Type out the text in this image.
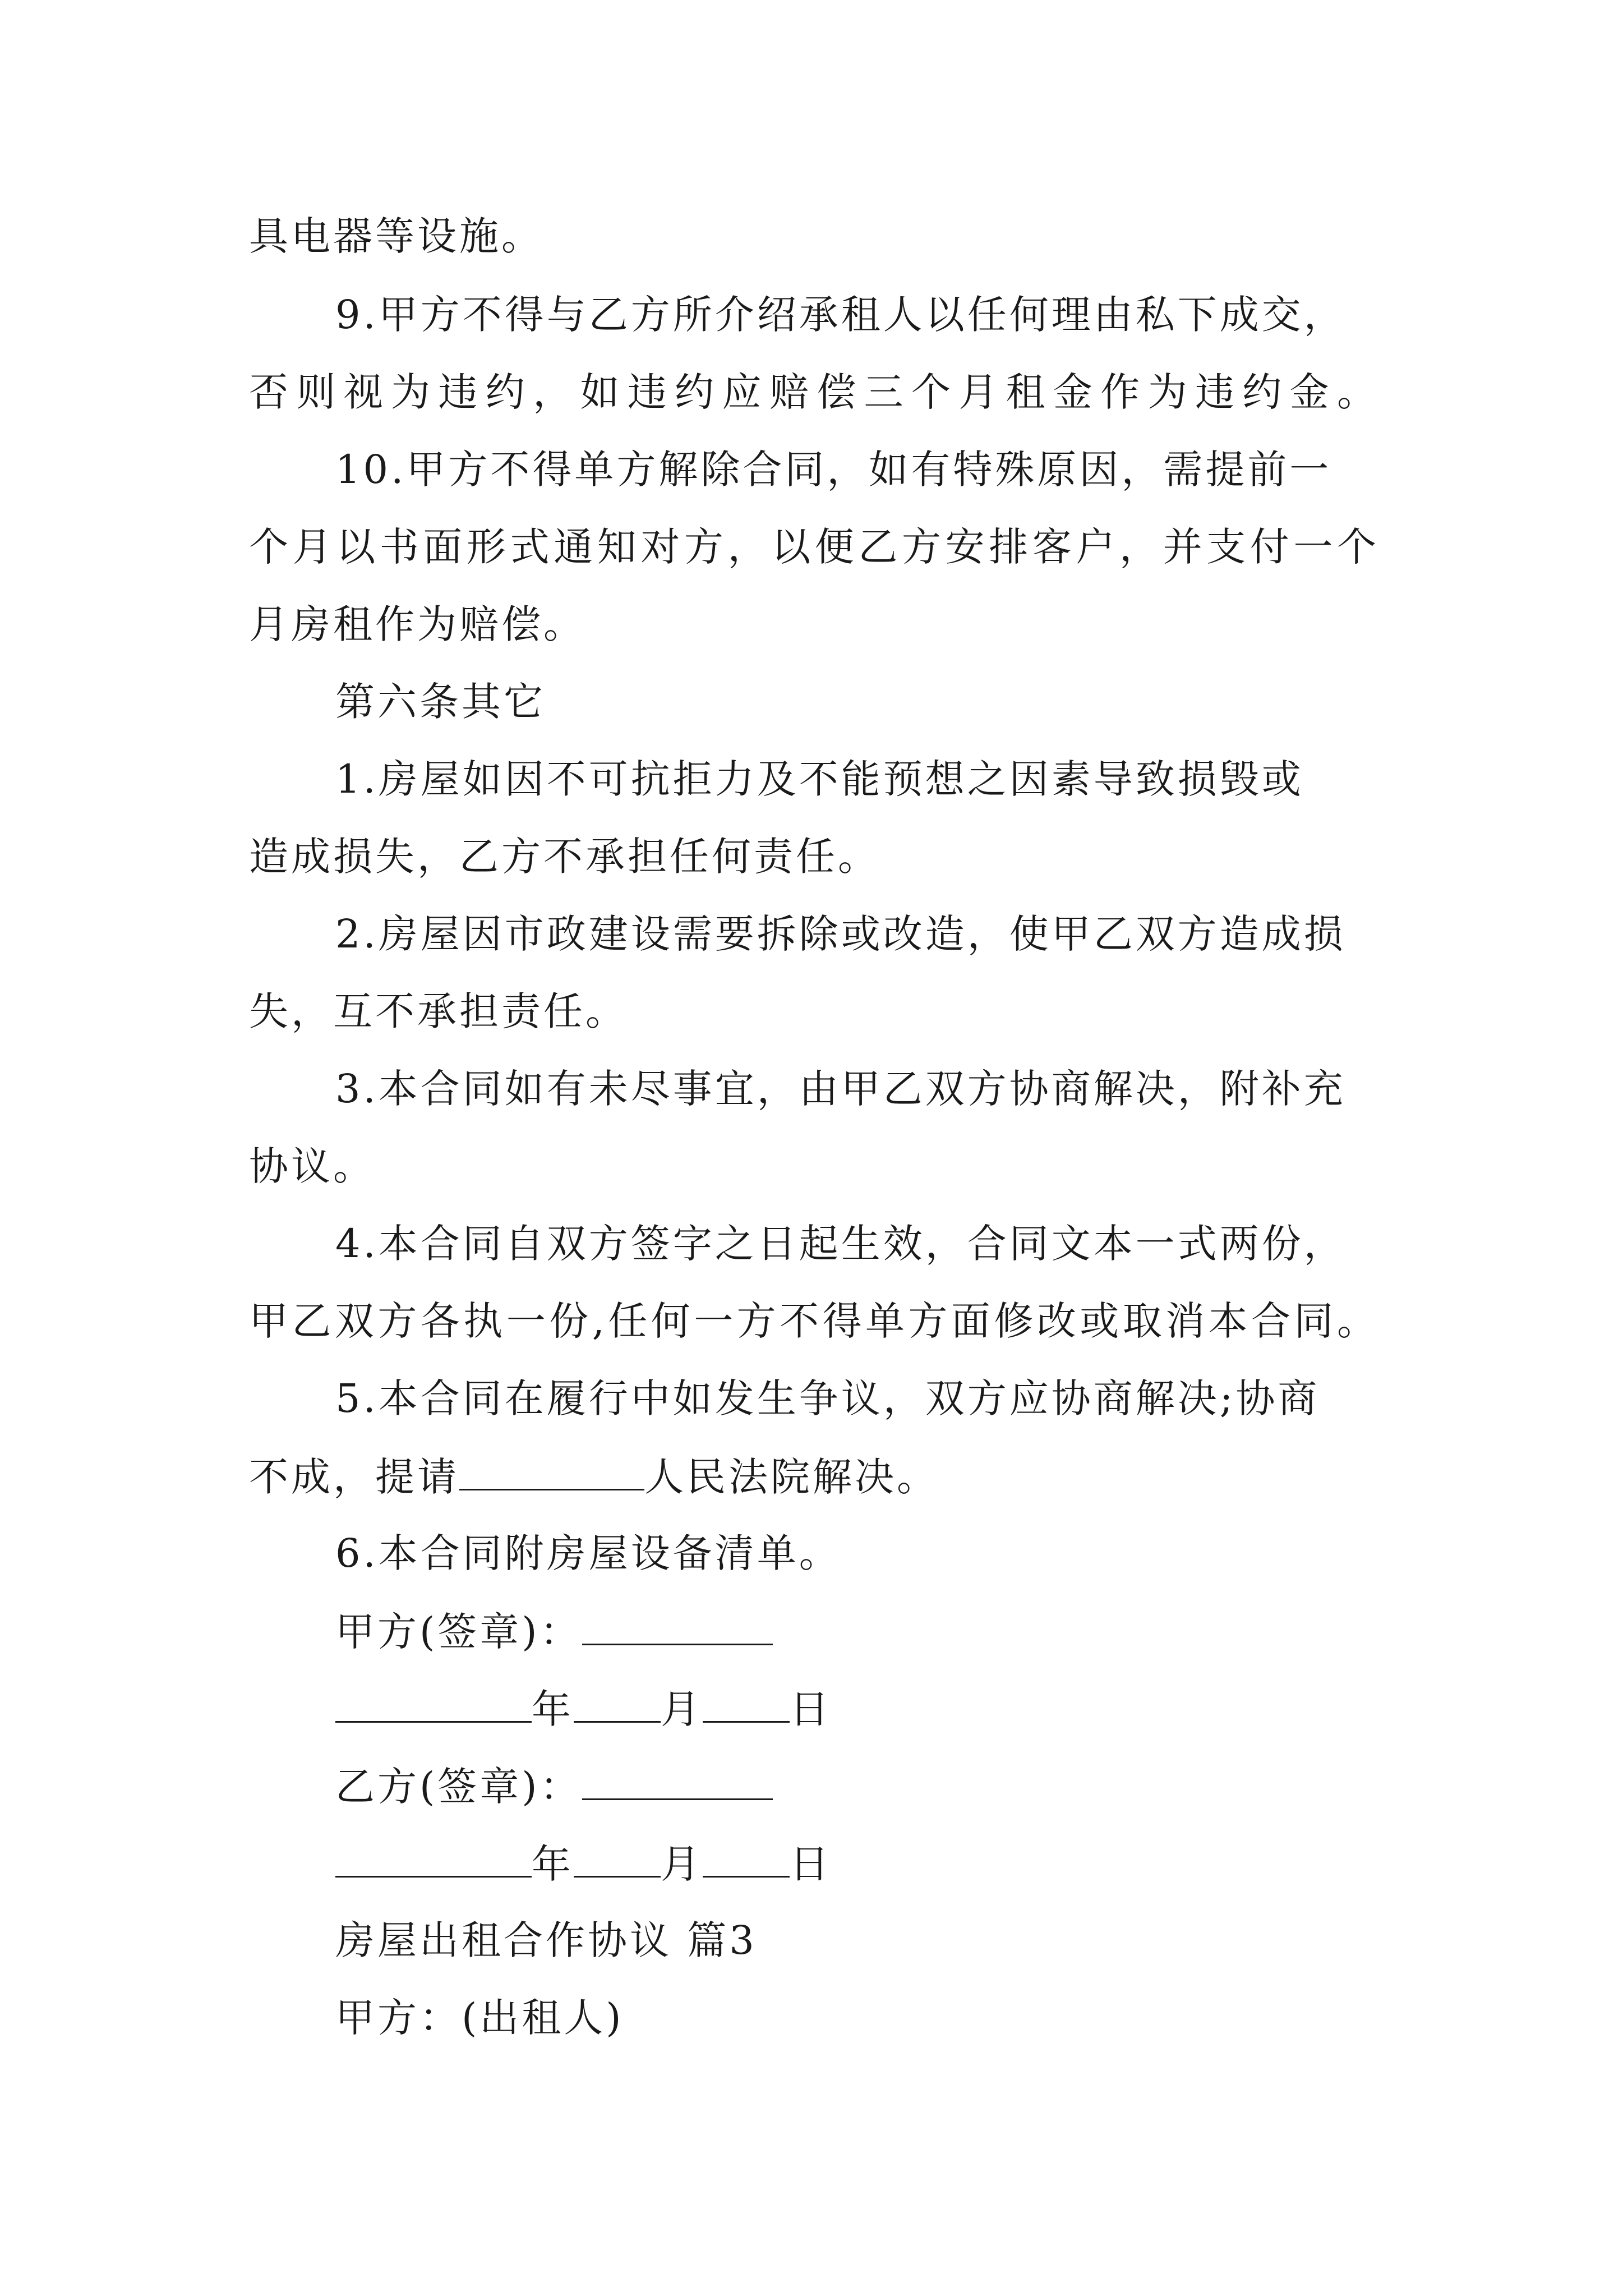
具电器等设施。
9.甲方不得与乙方所介绍承租人以任何理由私下成交，
否则视为违约，如违约应赔偿三个月租金作为违约金。
10.甲方不得单方解除合同，如有特殊原因，需提前一
个月以书面形式通知对方，以便乙方安排客户，并支付一个
月房租作为赔偿。
第六条其它
1.房屋如因不可抗拒力及不能预想之因素导致损毁或
造成损失，乙方不承担任何责任。
2.房屋因市政建设需要拆除或改造，使甲乙双方造成损
失，互不承担责任。
3.本合同如有未尽事宜，由甲乙双方协商解决，附补充
协议。
4.本合同自双方签字之日起生效，合同文本一式两份，
甲乙双方各执一份,任何一方不得单方面修改或取消本合同。
5.本合同在履行中如发生争议，双方应协商解决;协商
不成，提请	人民法院解决。
6.本合同附房屋设备清单。
甲方(签章)：
年 月 日
乙方(签章)：
年 月 日
房屋出租合作协议 篇3
甲方：(出租人)
